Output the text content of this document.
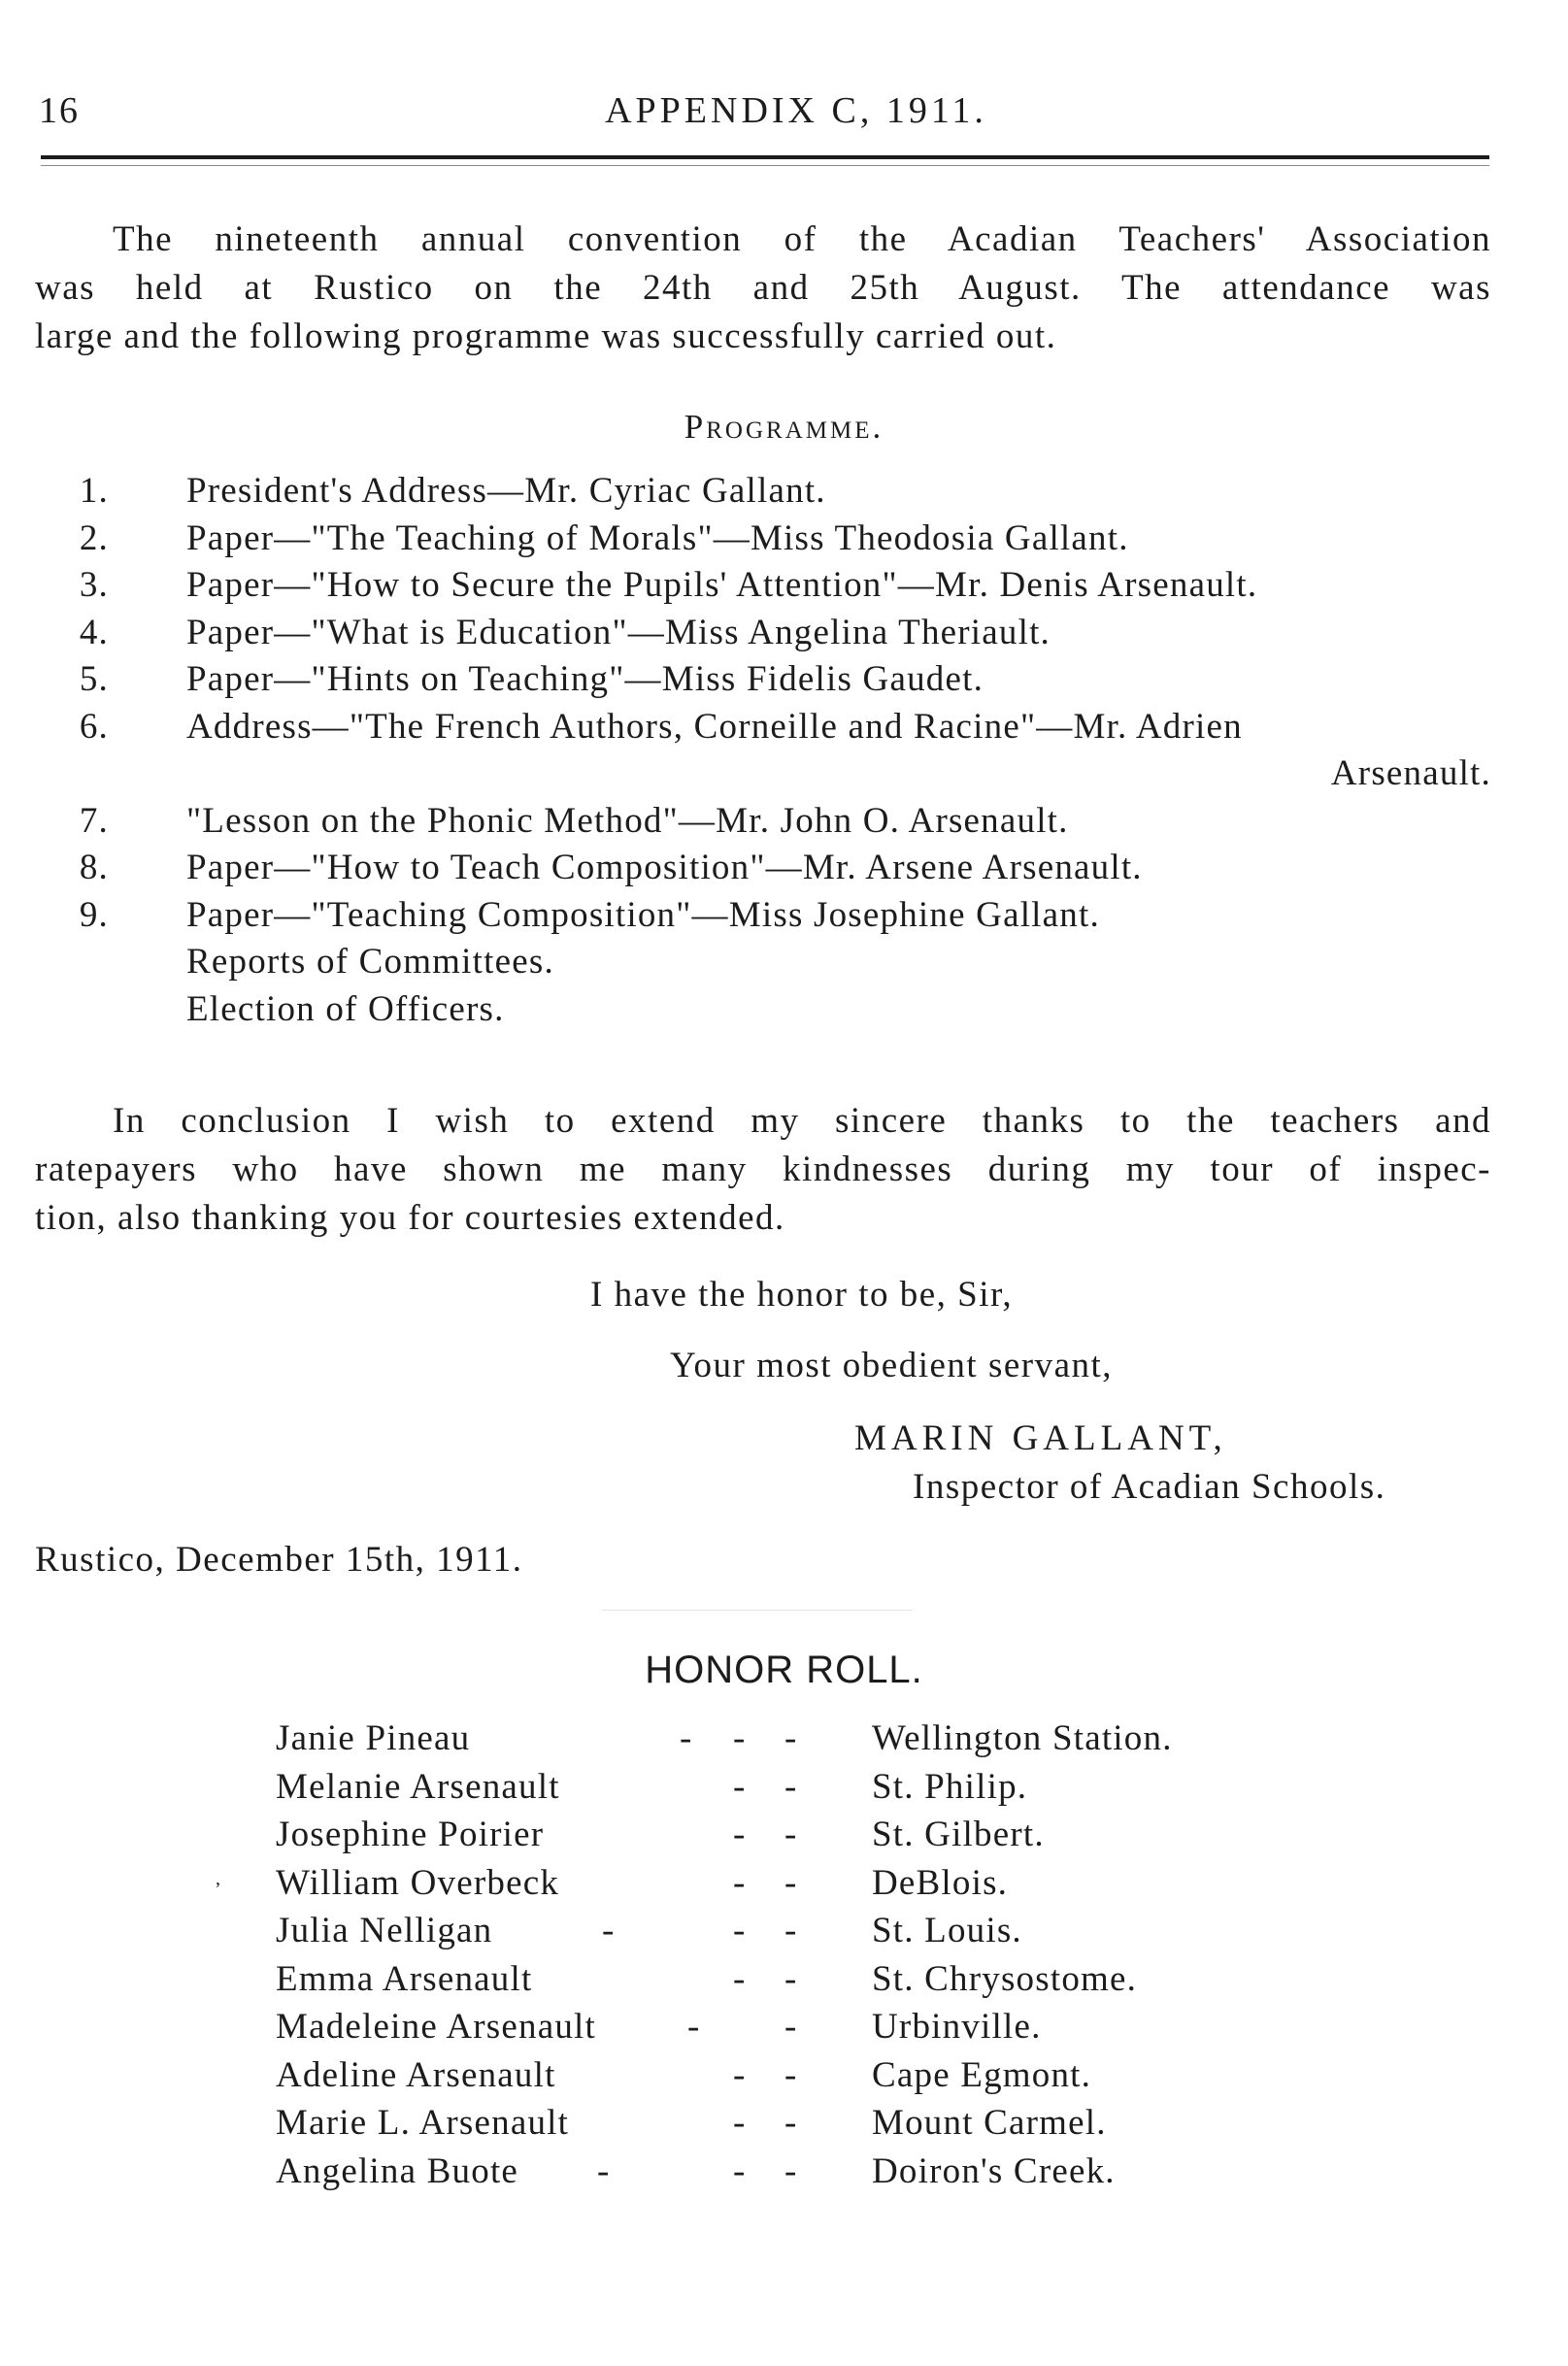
16	APPENDIX C, 1911.
The nineteenth annual convention of the Acadian Teachers' Association
was held at Rustico on the 24th and 25th August. The attendance was
large and the following programme was successfully carried out.
Programme.
1. President's Address—Mr. Cyriac Gallant.
2. Paper—"The Teaching of Morals"—Miss Theodosia Gallant.
3. Paper—"How to Secure the Pupils' Attention"—Mr. Denis Arsenault.
4. Paper—"What is Education"—Miss Angelina Theriault.
5. Paper—"Hints on Teaching"—Miss Fidelis Gaudet.
6. Address—"The French Authors, Corneille and Racine"—Mr. Adrien
Arsenault.
7. "Lesson on the Phonic Method"—Mr. John O. Arsenault.
8. Paper—"How to Teach Composition"—Mr. Arsene Arsenault.
9. Paper—"Teaching Composition"—Miss Josephine Gallant.
Reports of Committees.
Election of Officers.
In conclusion I wish to extend my sincere thanks to the teachers and
ratepayers who have shown me many kindnesses during my tour of inspec-
tion, also thanking you for courtesies extended.
I have the honor to be, Sir,
Your most obedient servant,
MARIN GALLANT,
Inspector of Acadian Schools.
Rustico, December 15th, 1911.
HONOR ROLL.
Janie Pineau	- - - Wellington Station.
Melanie Arsenault	- - St. Philip.
Josephine Poirier	- - St. Gilbert.
, William Overbeck	- - DeBlois.
Julia Nelligan	-	- - St. Louis.
Emma Arsenault	- - St. Chrysostome.
Madeleine Arsenault	- - Urbinville.
Adeline Arsenault	- - Cape Egmont.
Marie L. Arsenault	- - Mount Carmel.
Angelina Buote -	- - Doiron's Creek.
